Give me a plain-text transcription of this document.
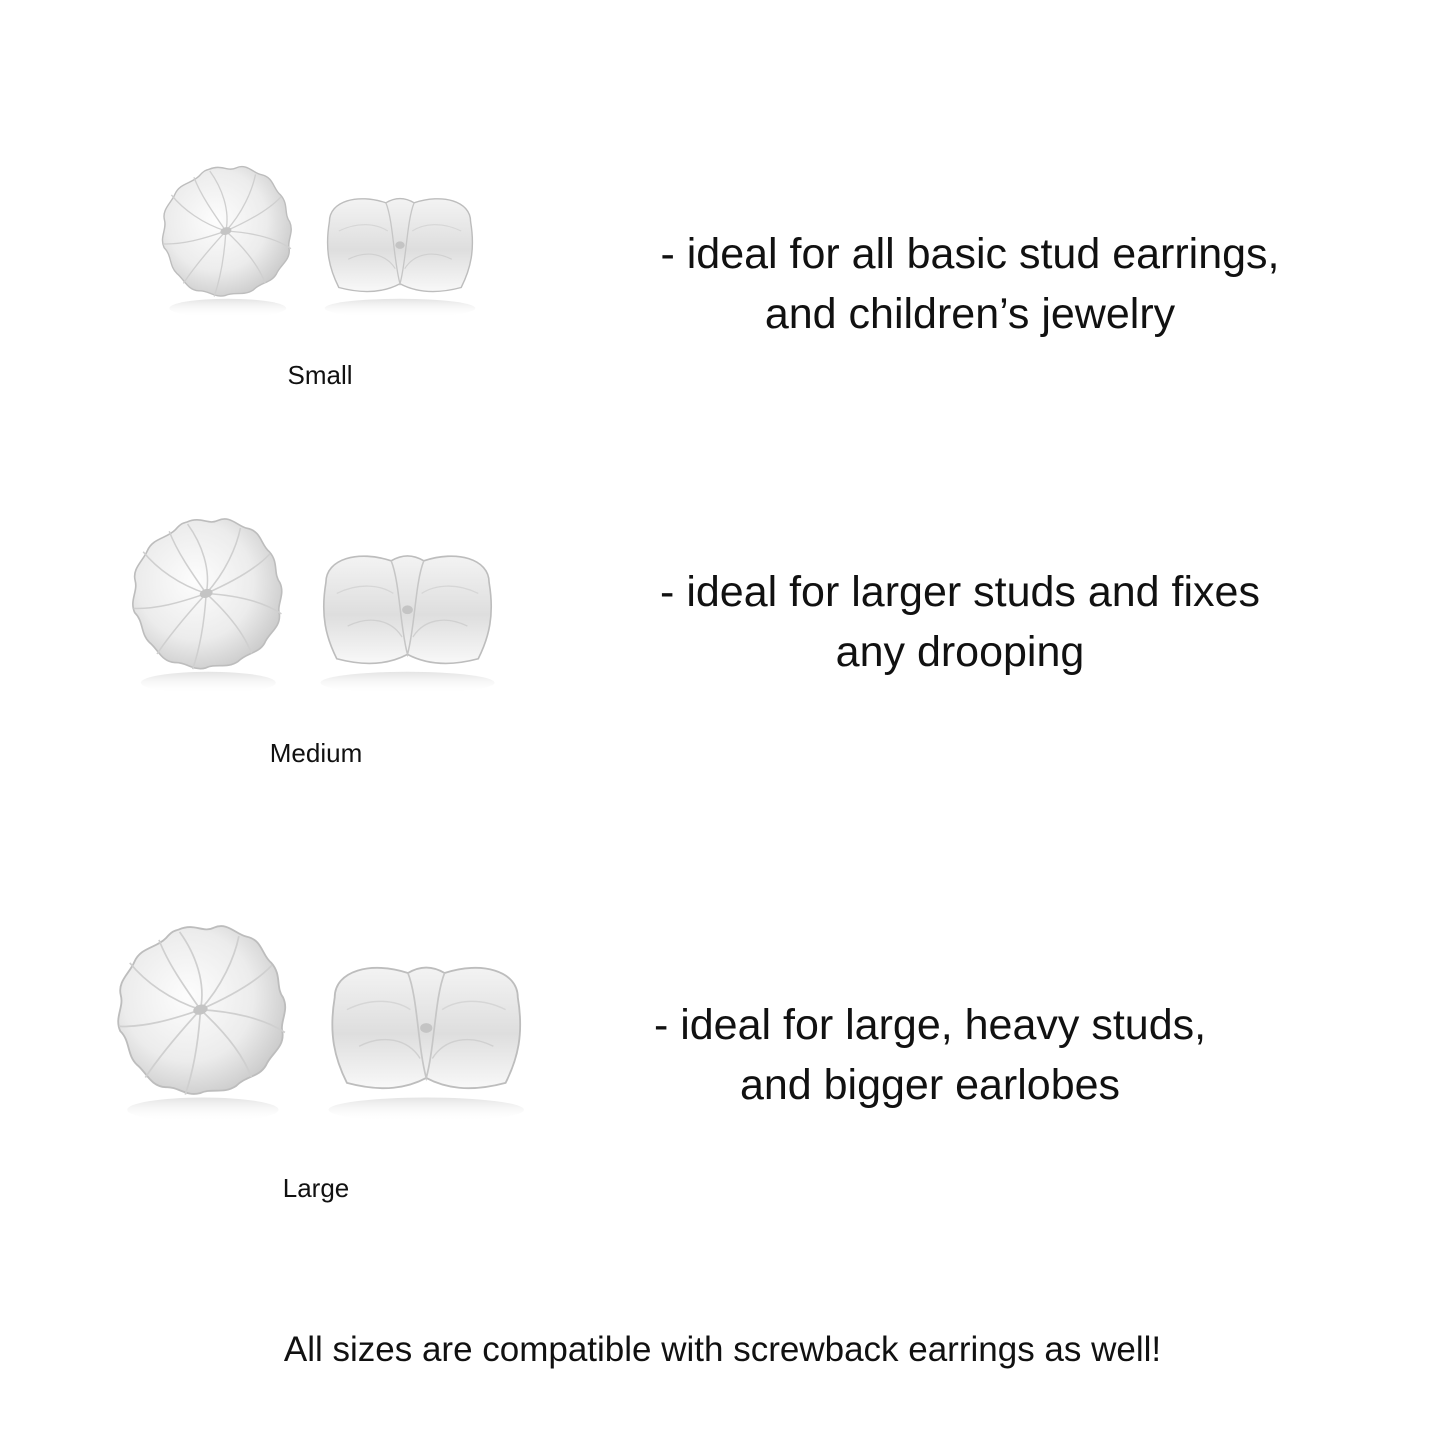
Small
- ideal for all basic stud earrings,
and children’s jewelry
Medium
- ideal for larger studs and fixes
any drooping
Large
- ideal for large, heavy studs,
and bigger earlobes
All sizes are compatible with screwback earrings as well!
